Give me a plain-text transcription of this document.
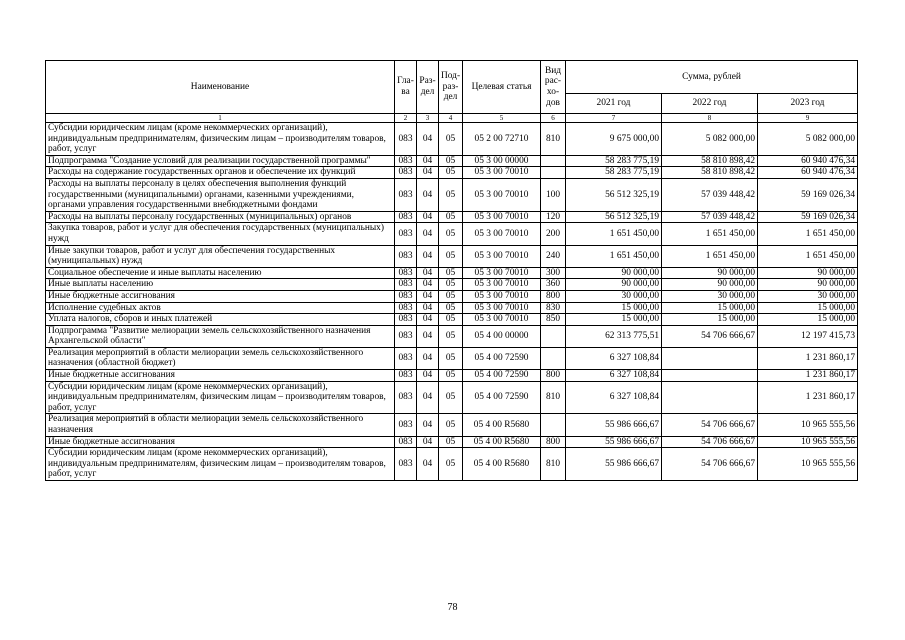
Наименование	Гла-ва	Раз-дел	Под-раз-дел	Целевая статья	Вид рас-хо-дов	Сумма, рублей		
						2021 год	2022 год	2023 год
1	2	3	4	5	6	7	8	9
Субсидии юридическим лицам (кроме некоммерческих организаций), индивидуальным предпринимателям, физическим лицам – производителям товаров, работ, услуг	083	04	05	05 2 00 72710	810	9 675 000,00	5 082 000,00	5 082 000,00
Подпрограмма "Создание условий для реализации государственной программы"	083	04	05	05 3 00 00000		58 283 775,19	58 810 898,42	60 940 476,34
Расходы на содержание государственных органов и обеспечение их функций	083	04	05	05 3 00 70010		58 283 775,19	58 810 898,42	60 940 476,34
Расходы на выплаты персоналу в целях обеспечения выполнения функций государственными (муниципальными) органами, казенными учреждениями, органами управления государственными внебюджетными фондами	083	04	05	05 3 00 70010	100	56 512 325,19	57 039 448,42	59 169 026,34
Расходы на выплаты персоналу государственных (муниципальных) органов	083	04	05	05 3 00 70010	120	56 512 325,19	57 039 448,42	59 169 026,34
Закупка товаров, работ и услуг для обеспечения государственных (муниципальных) нужд	083	04	05	05 3 00 70010	200	1 651 450,00	1 651 450,00	1 651 450,00
Иные закупки товаров, работ и услуг для обеспечения государственных (муниципальных) нужд	083	04	05	05 3 00 70010	240	1 651 450,00	1 651 450,00	1 651 450,00
Социальное обеспечение и иные выплаты населению	083	04	05	05 3 00 70010	300	90 000,00	90 000,00	90 000,00
Иные выплаты населению	083	04	05	05 3 00 70010	360	90 000,00	90 000,00	90 000,00
Иные бюджетные ассигнования	083	04	05	05 3 00 70010	800	30 000,00	30 000,00	30 000,00
Исполнение судебных актов	083	04	05	05 3 00 70010	830	15 000,00	15 000,00	15 000,00
Уплата налогов, сборов и иных платежей	083	04	05	05 3 00 70010	850	15 000,00	15 000,00	15 000,00
Подпрограмма "Развитие мелиорации земель сельскохозяйственного назначения Архангельской области"	083	04	05	05 4 00 00000		62 313 775,51	54 706 666,67	12 197 415,73
Реализация мероприятий в области мелиорации земель сельскохозяйственного назначения (областной бюджет)	083	04	05	05 4 00 72590		6 327 108,84		1 231 860,17
Иные бюджетные ассигнования	083	04	05	05 4 00 72590	800	6 327 108,84		1 231 860,17
Субсидии юридическим лицам (кроме некоммерческих организаций), индивидуальным предпринимателям, физическим лицам – производителям товаров, работ, услуг	083	04	05	05 4 00 72590	810	6 327 108,84		1 231 860,17
Реализация мероприятий в области мелиорации земель сельскохозяйственного назначения	083	04	05	05 4 00 R5680		55 986 666,67	54 706 666,67	10 965 555,56
Иные бюджетные ассигнования	083	04	05	05 4 00 R5680	800	55 986 666,67	54 706 666,67	10 965 555,56
Субсидии юридическим лицам (кроме некоммерческих организаций), индивидуальным предпринимателям, физическим лицам – производителям товаров, работ, услуг	083	04	05	05 4 00 R5680	810	55 986 666,67	54 706 666,67	10 965 555,56
78
